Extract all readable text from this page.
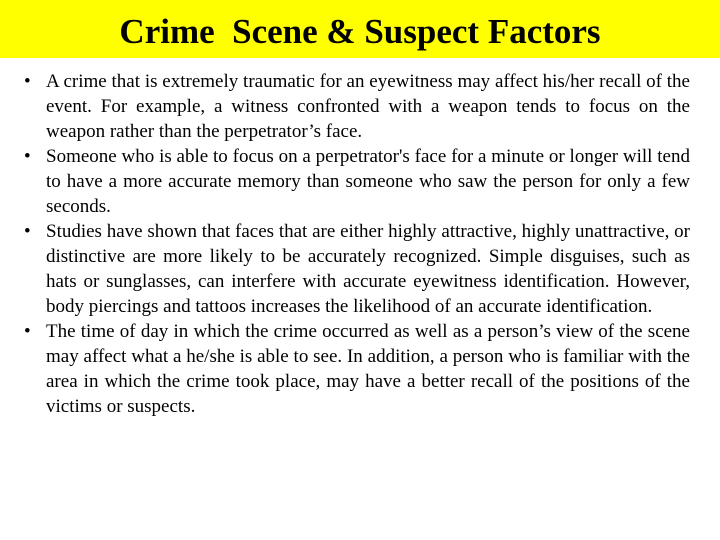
Crime  Scene & Suspect Factors
• A crime that is extremely traumatic for an eyewitness may affect his/her recall of the event. For example, a witness confronted with a weapon tends to focus on the weapon rather than the perpetrator’s face.
• Someone who is able to focus on a perpetrator's face for a minute or longer will tend to have a more accurate memory than someone who saw the person for only a few seconds.
• Studies have shown that faces that are either highly attractive, highly unattractive, or distinctive are more likely to be accurately recognized. Simple disguises, such as hats or sunglasses, can interfere with accurate eyewitness identification. However, body piercings and tattoos increases the likelihood of an accurate identification.
• The time of day in which the crime occurred as well as a person’s view of the scene may affect what a he/she is able to see. In addition, a person who is familiar with the area in which the crime took place, may have a better recall of the positions of the victims or suspects.
